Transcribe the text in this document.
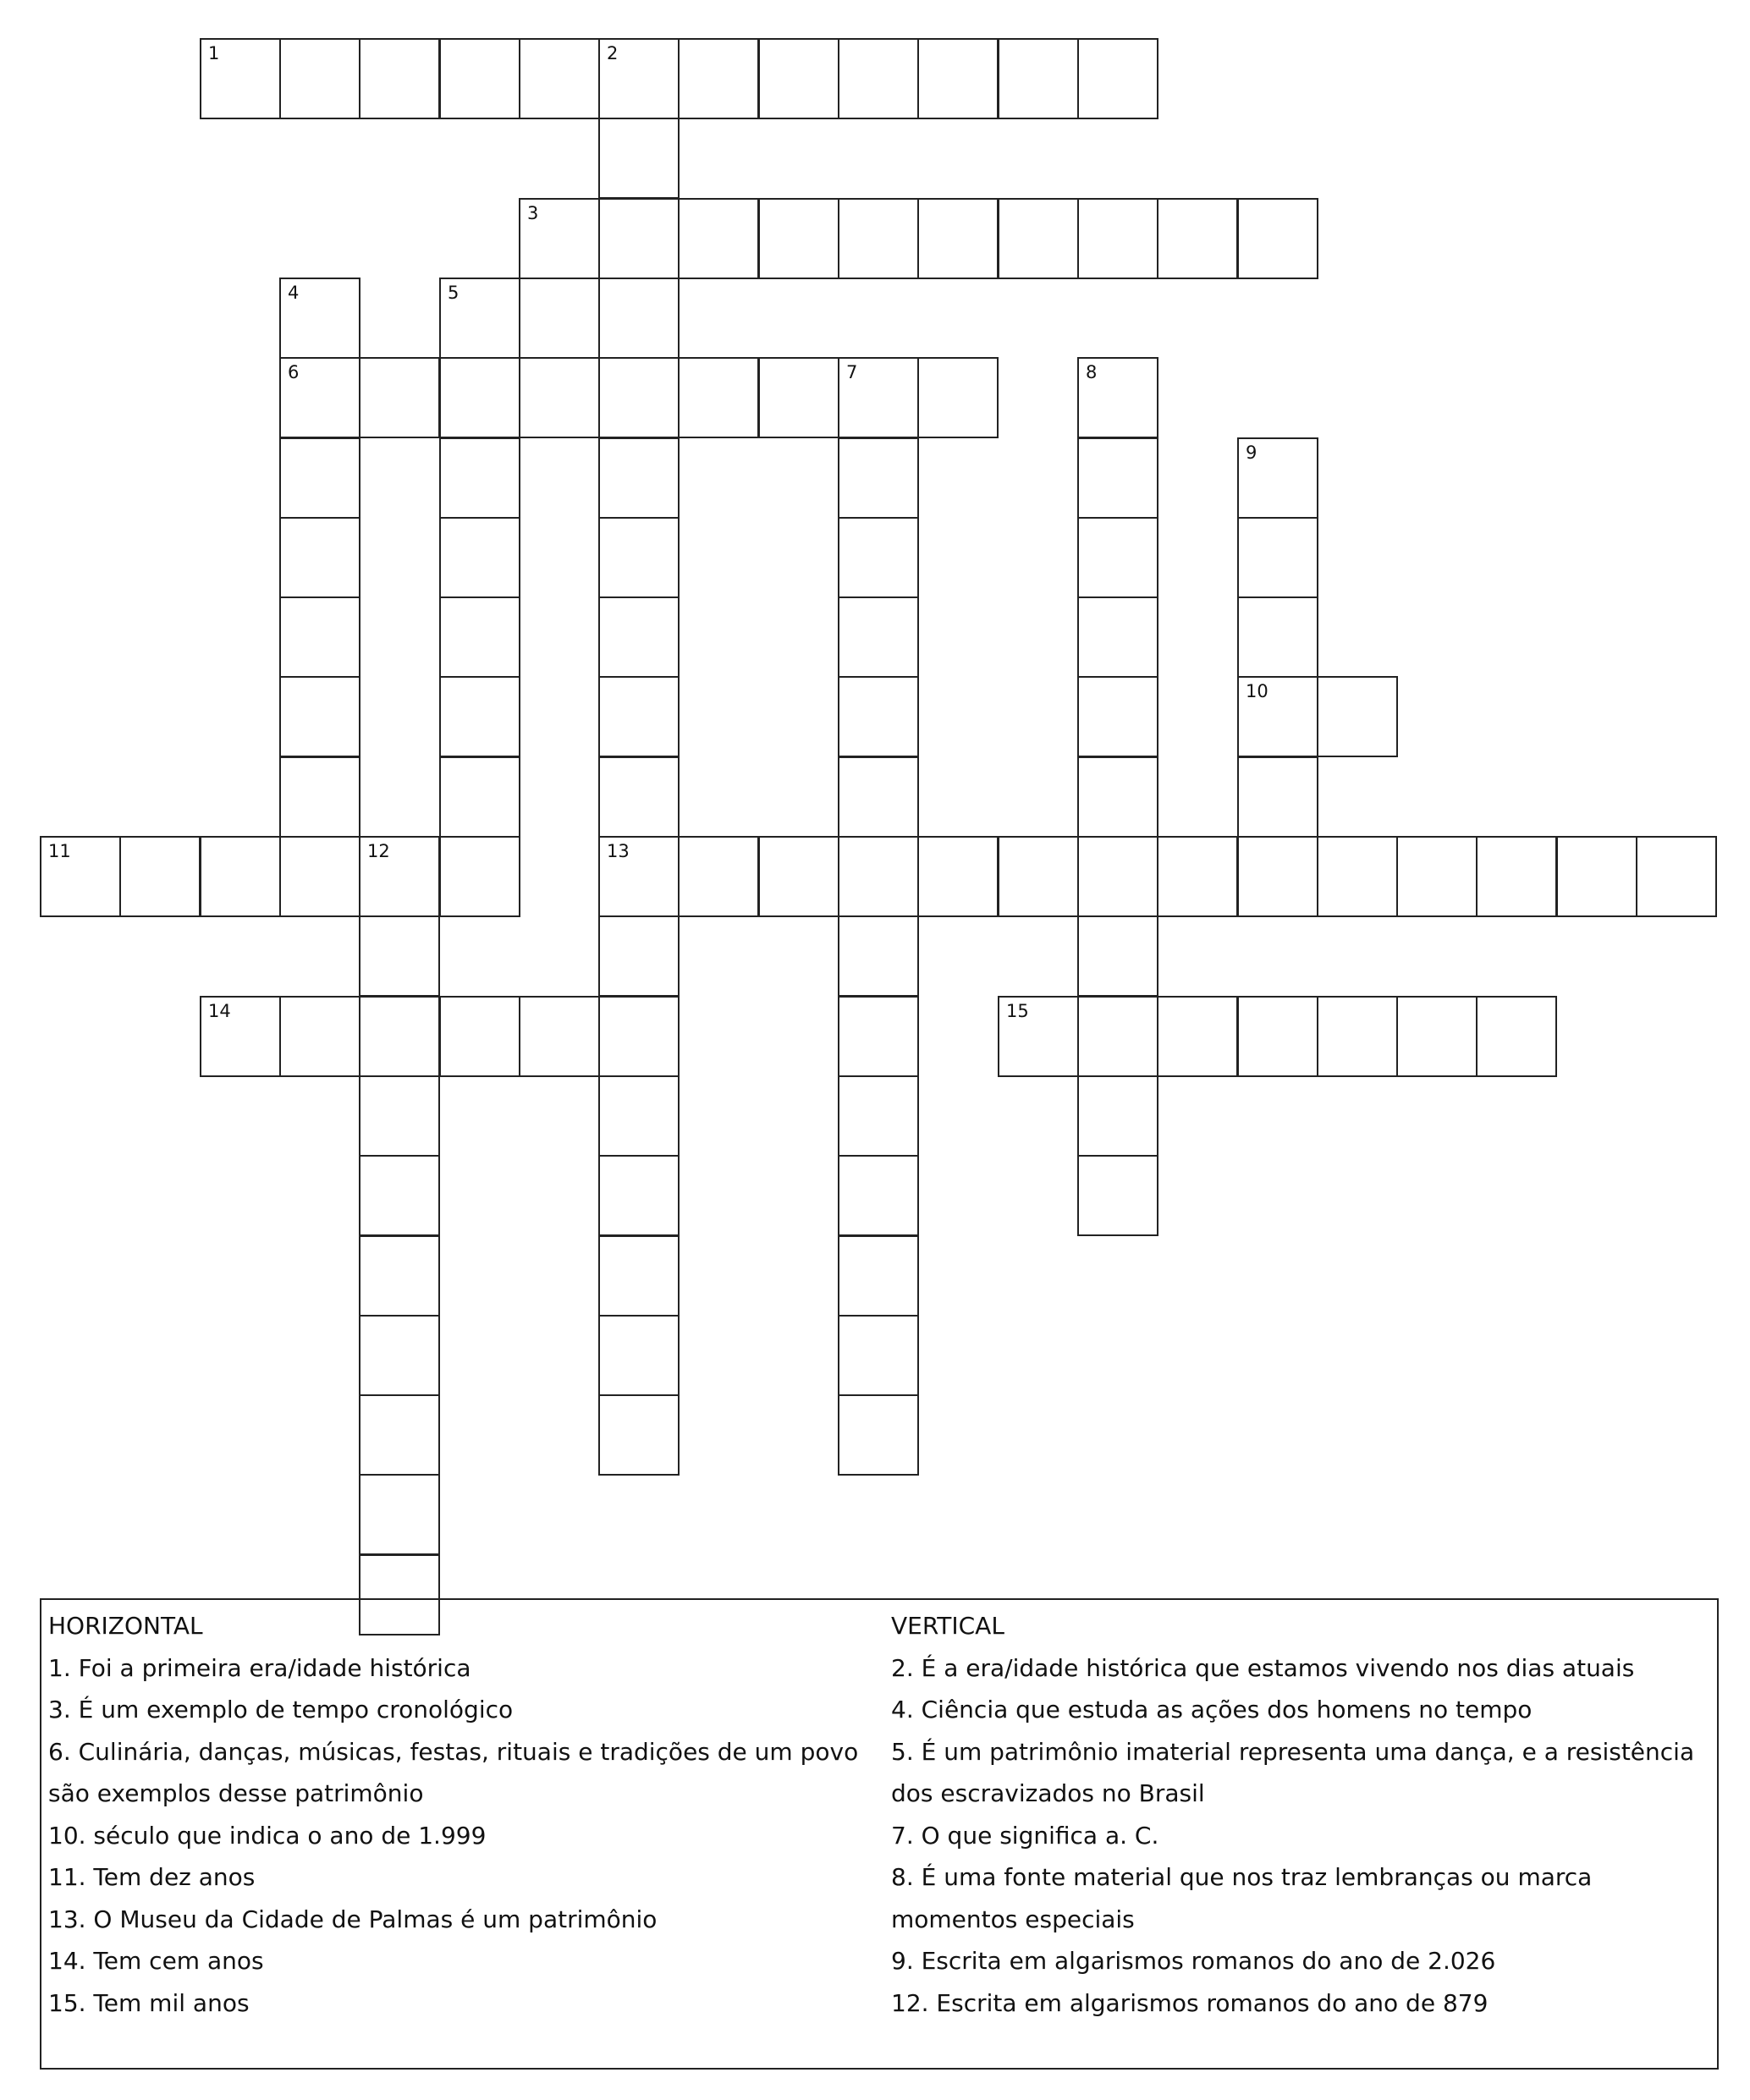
1	2
13
3
4
6
5
7	8
9
10
11	12
14	15
HORIZONTAL
1. Foi a primeira era/idade histórica
3. É um exemplo de tempo cronológico
6. Culinária, danças, músicas, festas, rituais e tradições de um povo são exemplos desse patrimônio
10. século que indica o ano de 1.999
11. Tem dez anos
13. O Museu da Cidade de Palmas é um patrimônio
14. Tem cem anos
15. Tem mil anos
VERTICAL
2. É a era/idade histórica que estamos vivendo nos dias atuais
4. Ciência que estuda as ações dos homens no tempo
5. É um patrimônio imaterial representa uma dança, e a resistência dos escravizados no Brasil
7. O que significa a. C.
8. É uma fonte material que nos traz lembranças ou marca momentos especiais
9. Escrita em algarismos romanos do ano de 2.026
12. Escrita em algarismos romanos do ano de 879
